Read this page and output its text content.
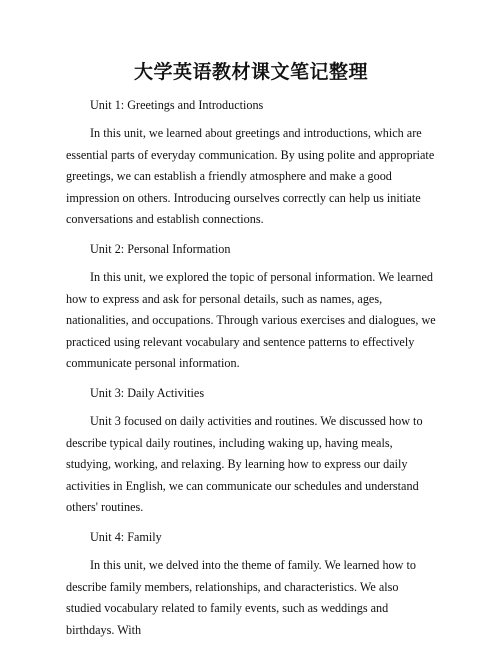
大学英语教材课文笔记整理

Unit 1: Greetings and Introductions

In this unit, we learned about greetings and introductions, which are essential parts of everyday communication. By using polite and appropriate greetings, we can establish a friendly atmosphere and make a good impression on others. Introducing ourselves correctly can help us initiate conversations and establish connections.

Unit 2: Personal Information

In this unit, we explored the topic of personal information. We learned how to express and ask for personal details, such as names, ages, nationalities, and occupations. Through various exercises and dialogues, we practiced using relevant vocabulary and sentence patterns to effectively communicate personal information.

Unit 3: Daily Activities

Unit 3 focused on daily activities and routines. We discussed how to describe typical daily routines, including waking up, having meals, studying, working, and relaxing. By learning how to express our daily activities in English, we can communicate our schedules and understand others' routines.

Unit 4: Family

In this unit, we delved into the theme of family. We learned how to describe family members, relationships, and characteristics. We also studied vocabulary related to family events, such as weddings and birthdays. With
